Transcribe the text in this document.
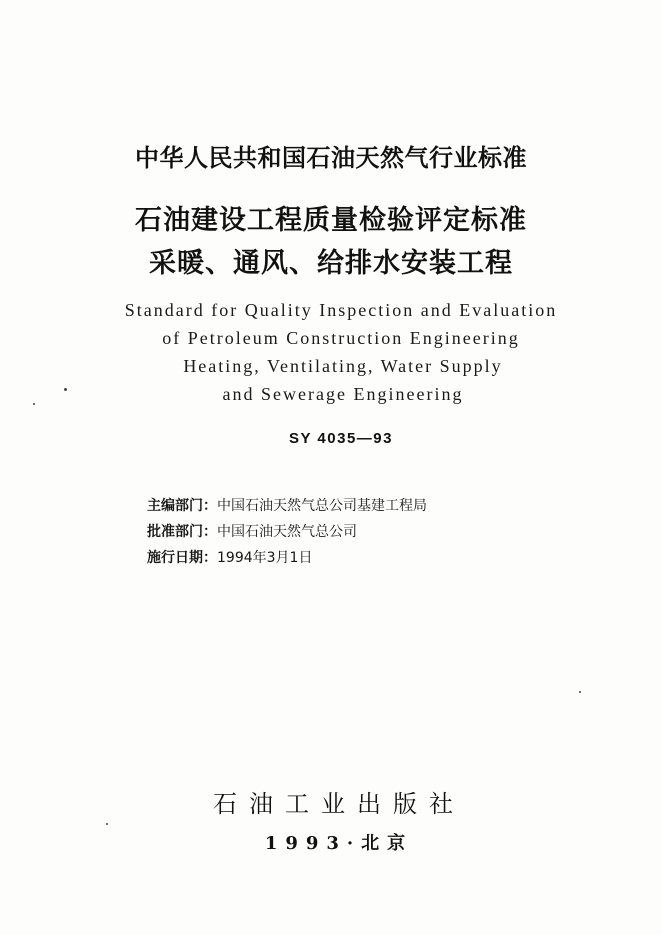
中华人民共和国石油天然气行业标准
石油建设工程质量检验评定标准
采暖、通风、给排水安装工程
Standard for Quality Inspection and Evaluation
of Petroleum Construction Engineering
Heating, Ventilating, Water Supply
and Sewerage Engineering
SY 4035—93
主编部门：中国石油天然气总公司基建工程局
批准部门：中国石油天然气总公司
施行日期：1994年3月1日
石油工业出版社
1993·北京
